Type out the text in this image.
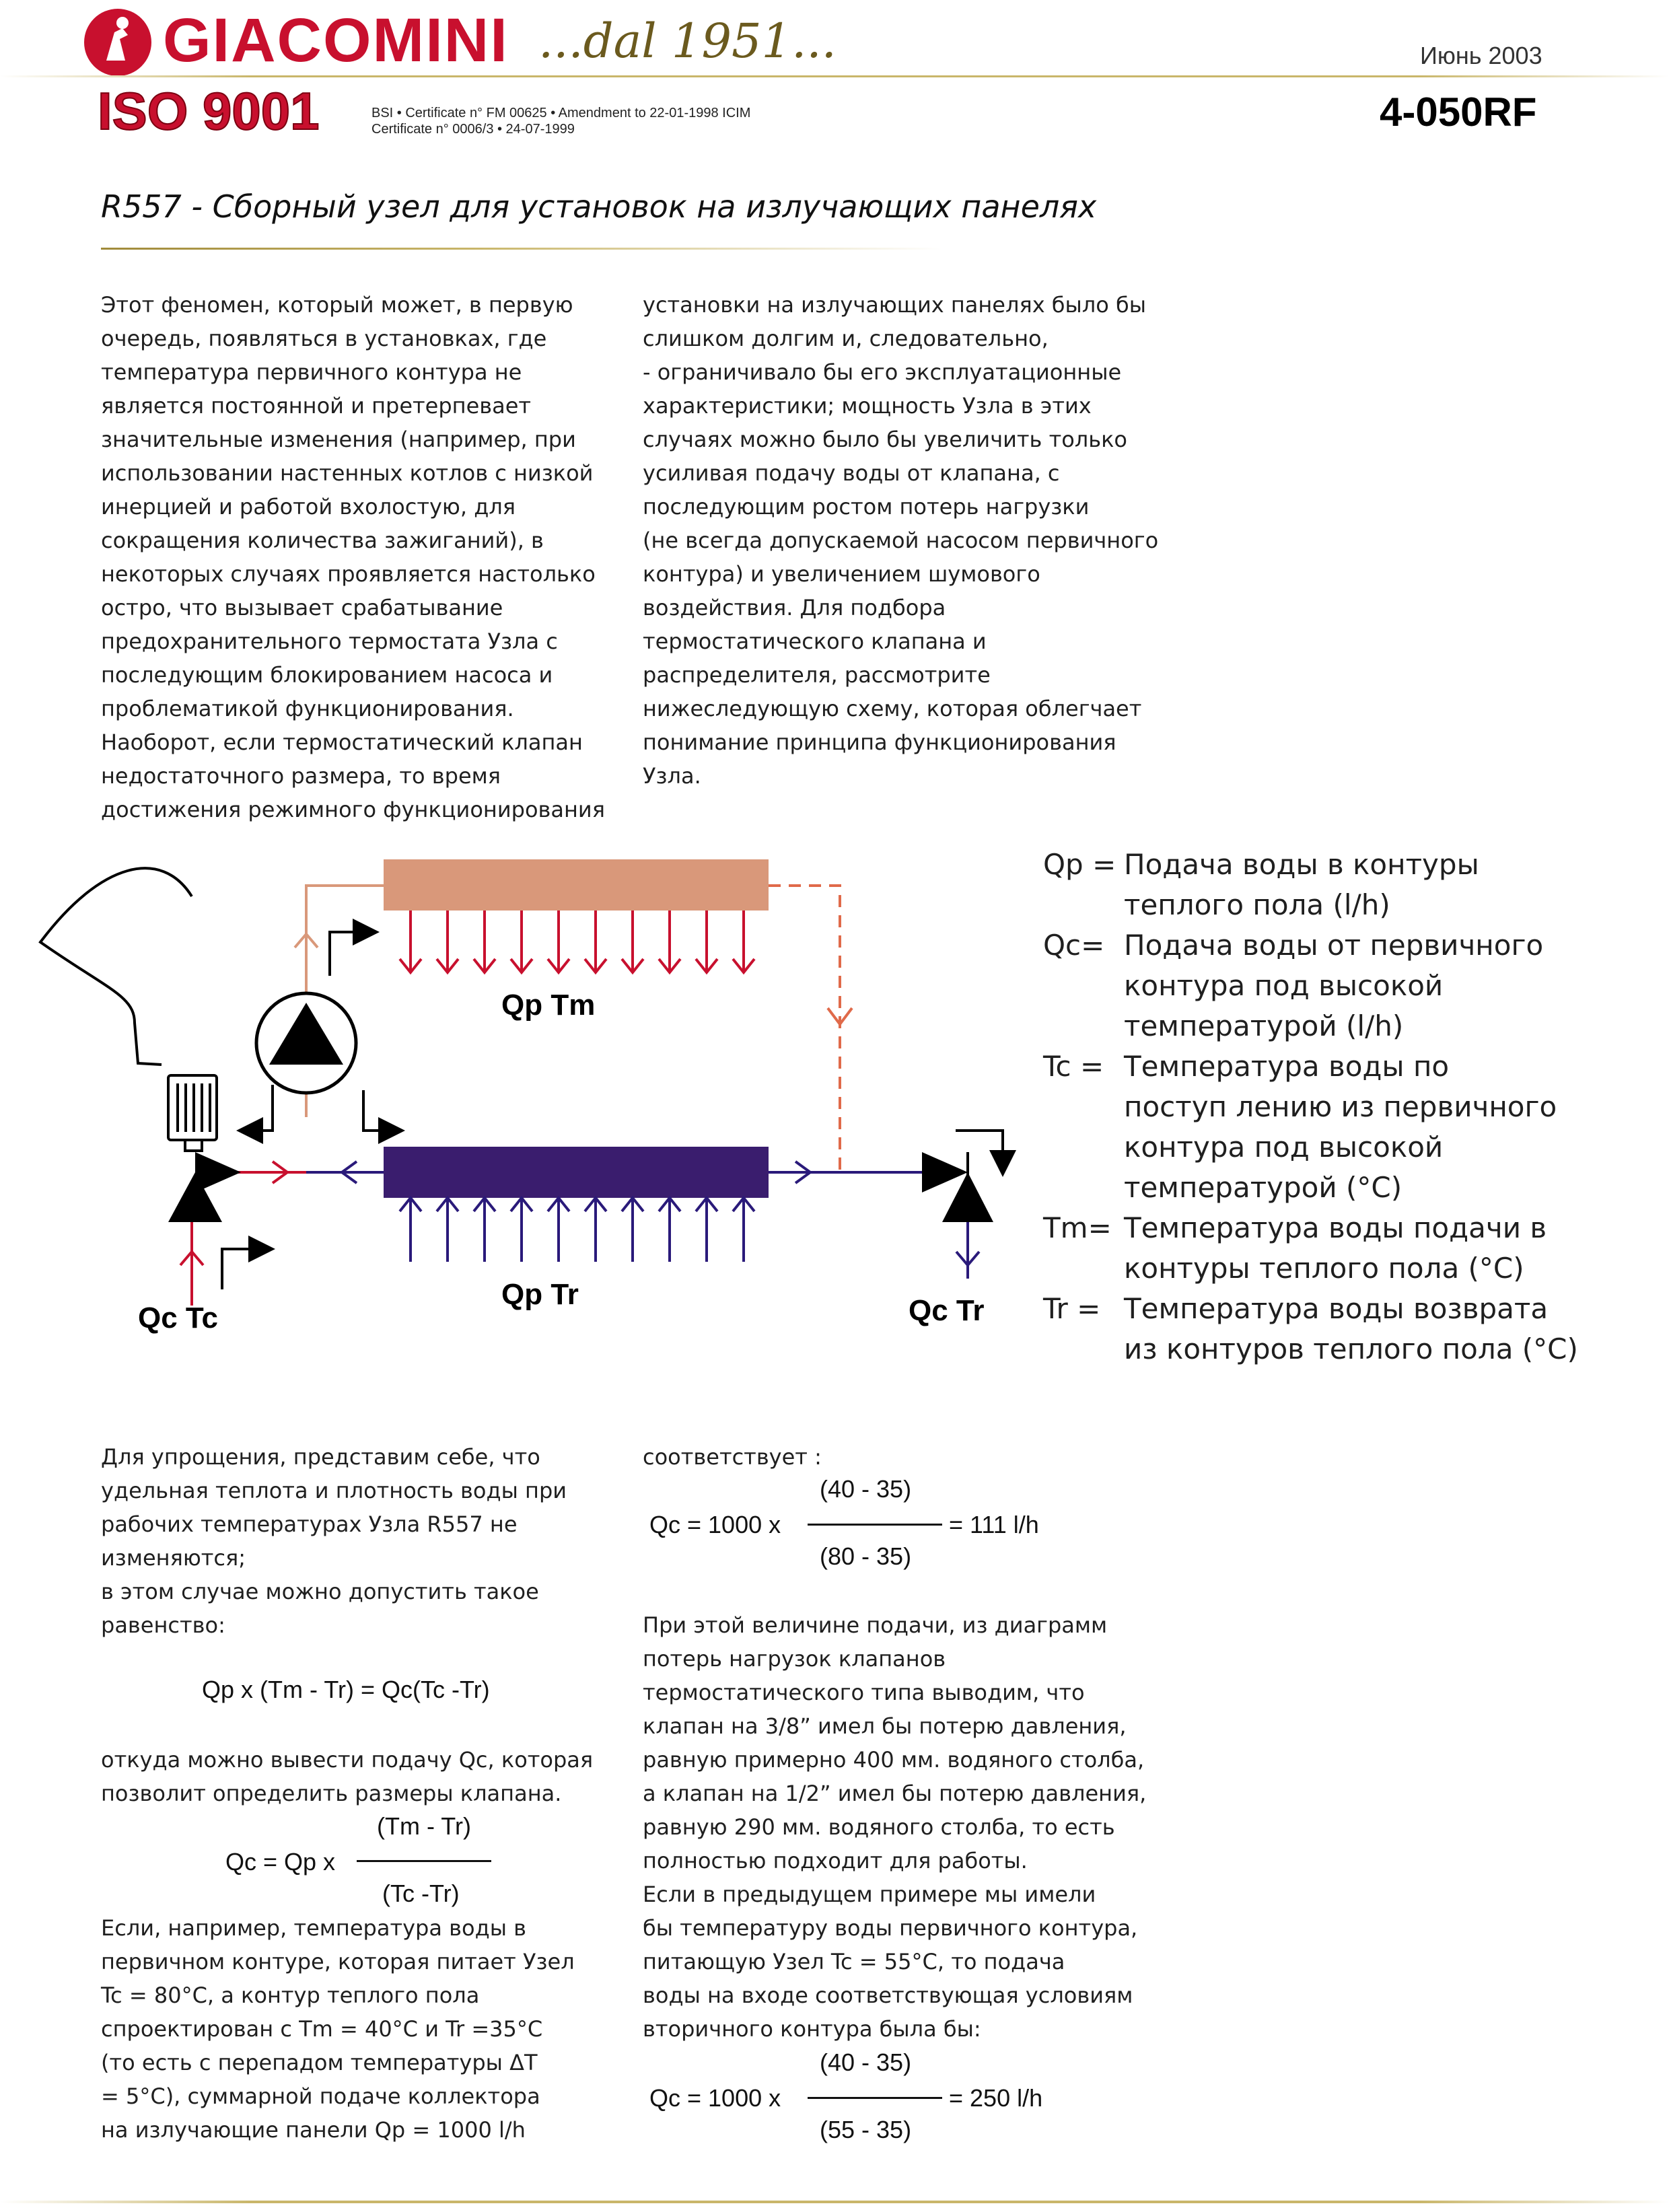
GIACOMINI ...dal 1951...	Июнь 2003
ISO 9001	BSI • Certificate n° FM 00625 • Amendment to 22-01-1998 ICIM
Certificate n° 0006/3 • 24-07-1999	4-050RF
R557 - Сборный узел для установок на излучающих панелях
Этот феномен, который может, в первую
очередь, появляться в установках, где
температура первичного контура не
является постоянной и претерпевает
значительные изменения (например, при
использовании настенных котлов с низкой
инерцией и работой вхолостую, для
сокращения количества зажиганий), в
некоторых случаях проявляется настолько
остро, что вызывает срабатывание
предохранительного термостата Узла с
последующим блокированием насоса и
проблематикой функционирования.
Наоборот, если термостатический клапан
недостаточного размера, то время
достижения режимного функционирования
установки на излучающих панелях было бы
слишком долгим и, следовательно,
- ограничивало бы его эксплуатационные
характеристики; мощность Узла в этих
случаях можно было бы увеличить только
усиливая подачу воды от клапана, с
последующим ростом потерь нагрузки
(не всегда допускаемой насосом первичного
контура) и увеличением шумового
воздействия. Для подбора
термостатического клапана и
распределителя, рассмотрите
нижеследующую схему, которая облегчает
понимание принципа функционирования
Узла.
Qp Tm
Qp Tr
Qc Tc	Qc Tr
Qp = Подача воды в контуры
теплого пола (l/h)
Qc= Подача воды от первичного
контура под высокой
температурой (l/h)
Tc = Температура воды по
поступ лению из первичного
контура под высокой
температурой (°C)
Tm= Температура воды подачи в
контуры теплого пола (°C)
Tr = Температура воды возврата
из контуров теплого пола (°C)
Для упрощения, представим себе, что
удельная теплота и плотность воды при
рабочих температурах Узла R557 не
изменяются;
в этом случае можно допустить такое
равенство:
Qp x (Tm - Tr) = Qc(Tc -Tr)
откуда можно вывести подачу Qc, которая
позволит определить размеры клапана.
Qc = Qp x
(Tm - Tr)
(Tc -Tr)
Если, например, температура воды в
первичном контуре, которая питает Узел
Tc = 80°C, а контур теплого пола
спроектирован с Tm = 40°C и Tr =35°C
(то есть с перепадом температуры ΔT
= 5°C), суммарной подаче коллектора
на излучающие панели Qp = 1000 l/h
соответствует :
Qc = 1000 x
(40 - 35)
(80 - 35)
= 111 l/h
При этой величине подачи, из диаграмм
потерь нагрузок клапанов
термостатического типа выводим, что
клапан на 3/8” имел бы потерю давления,
равную примерно 400 мм. водяного столба,
а клапан на 1/2” имел бы потерю давления,
равную 290 мм. водяного столба, то есть
полностью подходит для работы.
Если в предыдущем примере мы имели
бы температуру воды первичного контура,
питающую Узел Tc = 55°C, то подача
воды на входе соответствующая условиям
вторичного контура была бы:
Qc = 1000 x
(40 - 35)
(55 - 35)
= 250 l/h
